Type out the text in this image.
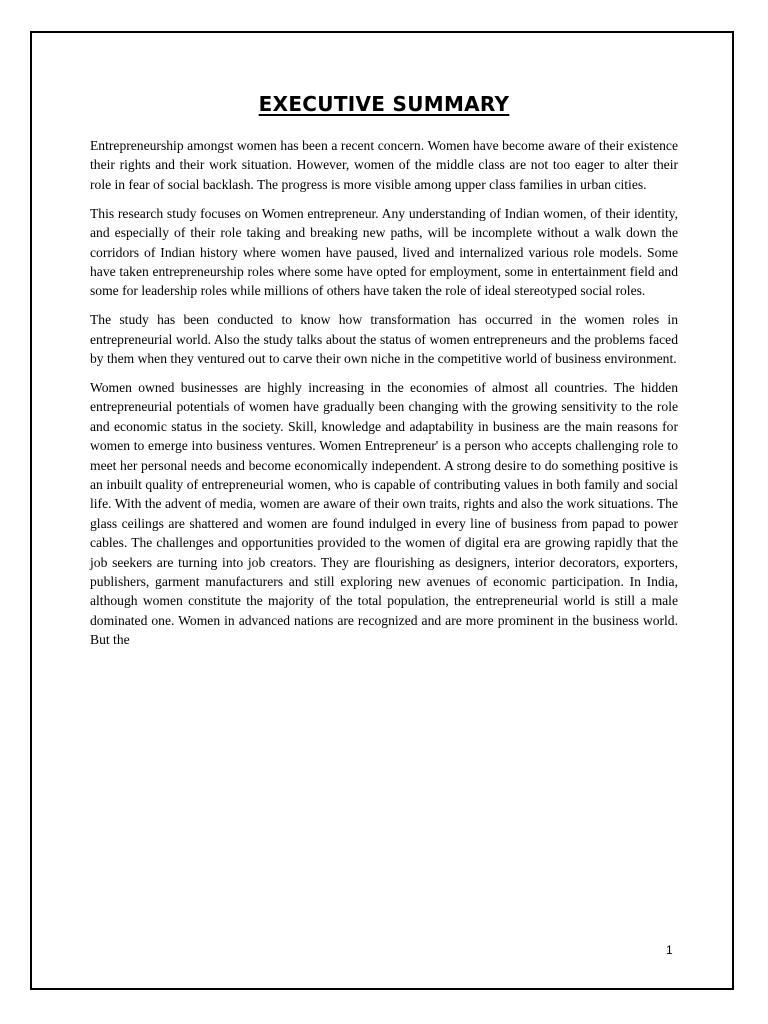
EXECUTIVE SUMMARY

Entrepreneurship amongst women has been a recent concern. Women have become aware of their existence their rights and their work situation. However, women of the middle class are not too eager to alter their role in fear of social backlash. The progress is more visible among upper class families in urban cities.

This research study focuses on Women entrepreneur. Any understanding of Indian women, of their identity, and especially of their role taking and breaking new paths, will be incomplete without a walk down the corridors of Indian history where women have paused, lived and internalized various role models. Some have taken entrepreneurship roles where some have opted for employment, some in entertainment field and some for leadership roles while millions of others have taken the role of ideal stereotyped social roles.

The study has been conducted to know how transformation has occurred in the women roles in entrepreneurial world. Also the study talks about the status of women entrepreneurs and the problems faced by them when they ventured out to carve their own niche in the competitive world of business environment.

Women owned businesses are highly increasing in the economies of almost all countries. The hidden entrepreneurial potentials of women have gradually been changing with the growing sensitivity to the role and economic status in the society. Skill, knowledge and adaptability in business are the main reasons for women to emerge into business ventures. Women Entrepreneur' is a person who accepts challenging role to meet her personal needs and become economically independent. A strong desire to do something positive is an inbuilt quality of entrepreneurial women, who is capable of contributing values in both family and social life. With the advent of media, women are aware of their own traits, rights and also the work situations. The glass ceilings are shattered and women are found indulged in every line of business from papad to power cables. The challenges and opportunities provided to the women of digital era are growing rapidly that the job seekers are turning into job creators. They are flourishing as designers, interior decorators, exporters, publishers, garment manufacturers and still exploring new avenues of economic participation. In India, although women constitute the majority of the total population, the entrepreneurial world is still a male dominated one. Women in advanced nations are recognized and are more prominent in the business world. But the

1
